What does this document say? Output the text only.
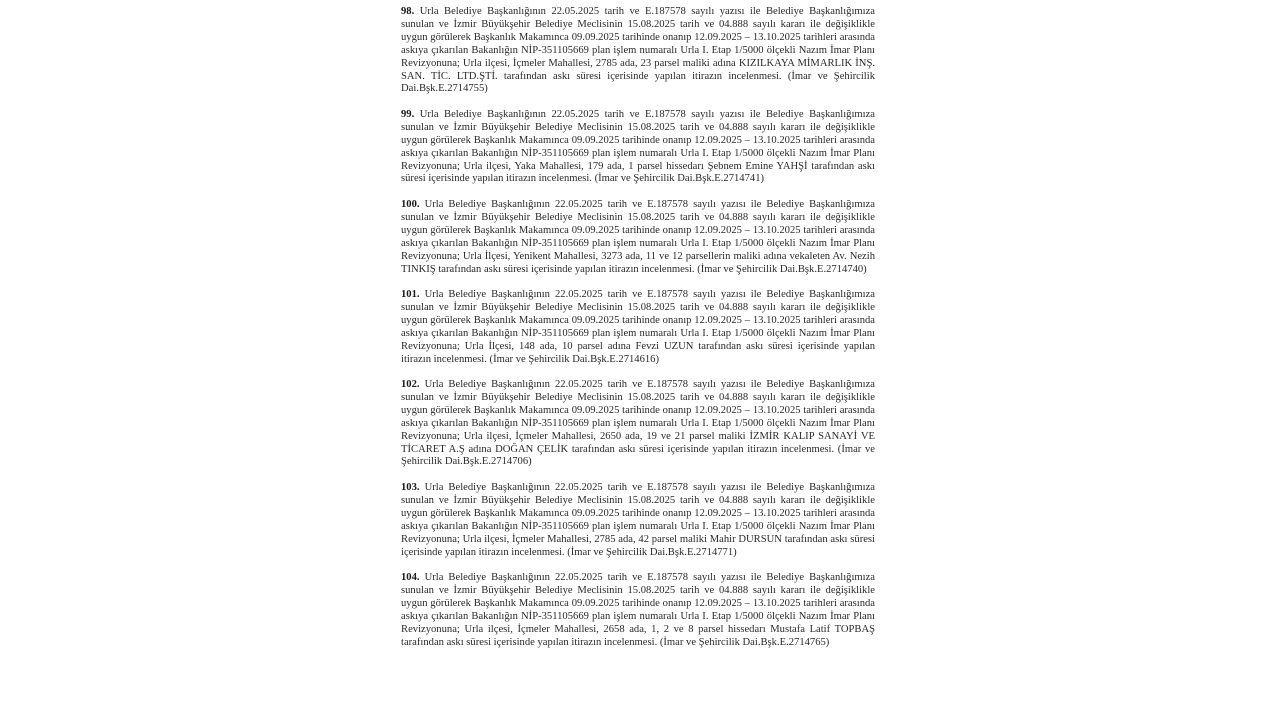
98. Urla Belediye Başkanlığının 22.05.2025 tarih ve E.187578 sayılı yazısı ile Belediye Başkanlığımıza sunulan ve İzmir Büyükşehir Belediye Meclisinin 15.08.2025 tarih ve 04.888 sayılı kararı ile değişiklikle uygun görülerek Başkanlık Makamınca 09.09.2025 tarihinde onanıp 12.09.2025 – 13.10.2025 tarihleri arasında askıya çıkarılan Bakanlığın NİP-351105669 plan işlem numaralı Urla I. Etap 1/5000 ölçekli Nazım İmar Planı Revizyonuna; Urla ilçesi, İçmeler Mahallesi, 2785 ada, 23 parsel maliki adına KIZILKAYA MİMARLIK İNŞ. SAN. TİC. LTD.ŞTİ. tarafından askı süresi içerisinde yapılan itirazın incelenmesi. (İmar ve Şehircilik Dai.Bşk.E.2714755)

99. Urla Belediye Başkanlığının 22.05.2025 tarih ve E.187578 sayılı yazısı ile Belediye Başkanlığımıza sunulan ve İzmir Büyükşehir Belediye Meclisinin 15.08.2025 tarih ve 04.888 sayılı kararı ile değişiklikle uygun görülerek Başkanlık Makamınca 09.09.2025 tarihinde onanıp 12.09.2025 – 13.10.2025 tarihleri arasında askıya çıkarılan Bakanlığın NİP-351105669 plan işlem numaralı Urla I. Etap 1/5000 ölçekli Nazım İmar Planı Revizyonuna; Urla ilçesi, Yaka Mahallesi, 179 ada, 1 parsel hissedarı Şebnem Emine YAHŞİ tarafından askı süresi içerisinde yapılan itirazın incelenmesi. (İmar ve Şehircilik Dai.Bşk.E.2714741)

100. Urla Belediye Başkanlığının 22.05.2025 tarih ve E.187578 sayılı yazısı ile Belediye Başkanlığımıza sunulan ve İzmir Büyükşehir Belediye Meclisinin 15.08.2025 tarih ve 04.888 sayılı kararı ile değişiklikle uygun görülerek Başkanlık Makamınca 09.09.2025 tarihinde onanıp 12.09.2025 – 13.10.2025 tarihleri arasında askıya çıkarılan Bakanlığın NİP-351105669 plan işlem numaralı Urla I. Etap 1/5000 ölçekli Nazım İmar Planı Revizyonuna; Urla İlçesi, Yenikent Mahallesi, 3273 ada, 11 ve 12 parsellerin maliki adına vekaleten Av. Nezih TINKIŞ tarafından askı süresi içerisinde yapılan itirazın incelenmesi. (İmar ve Şehircilik Dai.Bşk.E.2714740)

101. Urla Belediye Başkanlığının 22.05.2025 tarih ve E.187578 sayılı yazısı ile Belediye Başkanlığımıza sunulan ve İzmir Büyükşehir Belediye Meclisinin 15.08.2025 tarih ve 04.888 sayılı kararı ile değişiklikle uygun görülerek Başkanlık Makamınca 09.09.2025 tarihinde onanıp 12.09.2025 – 13.10.2025 tarihleri arasında askıya çıkarılan Bakanlığın NİP-351105669 plan işlem numaralı Urla I. Etap 1/5000 ölçekli Nazım İmar Planı Revizyonuna; Urla İlçesi, 148 ada, 10 parsel adına Fevzi UZUN tarafından askı süresi içerisinde yapılan itirazın incelenmesi. (İmar ve Şehircilik Dai.Bşk.E.2714616)

102. Urla Belediye Başkanlığının 22.05.2025 tarih ve E.187578 sayılı yazısı ile Belediye Başkanlığımıza sunulan ve İzmir Büyükşehir Belediye Meclisinin 15.08.2025 tarih ve 04.888 sayılı kararı ile değişiklikle uygun görülerek Başkanlık Makamınca 09.09.2025 tarihinde onanıp 12.09.2025 – 13.10.2025 tarihleri arasında askıya çıkarılan Bakanlığın NİP-351105669 plan işlem numaralı Urla I. Etap 1/5000 ölçekli Nazım İmar Planı Revizyonuna; Urla ilçesi, İçmeler Mahallesi, 2650 ada, 19 ve 21 parsel maliki İZMİR KALIP SANAYİ VE TİCARET A.Ş adına DOĞAN ÇELİK tarafından askı süresi içerisinde yapılan itirazın incelenmesi. (İmar ve Şehircilik Dai.Bşk.E.2714706)

103. Urla Belediye Başkanlığının 22.05.2025 tarih ve E.187578 sayılı yazısı ile Belediye Başkanlığımıza sunulan ve İzmir Büyükşehir Belediye Meclisinin 15.08.2025 tarih ve 04.888 sayılı kararı ile değişiklikle uygun görülerek Başkanlık Makamınca 09.09.2025 tarihinde onanıp 12.09.2025 – 13.10.2025 tarihleri arasında askıya çıkarılan Bakanlığın NİP-351105669 plan işlem numaralı Urla I. Etap 1/5000 ölçekli Nazım İmar Planı Revizyonuna; Urla ilçesi, İçmeler Mahallesi, 2785 ada, 42 parsel maliki Mahir DURSUN tarafından askı süresi içerisinde yapılan itirazın incelenmesi. (İmar ve Şehircilik Dai.Bşk.E.2714771)

104. Urla Belediye Başkanlığının 22.05.2025 tarih ve E.187578 sayılı yazısı ile Belediye Başkanlığımıza sunulan ve İzmir Büyükşehir Belediye Meclisinin 15.08.2025 tarih ve 04.888 sayılı kararı ile değişiklikle uygun görülerek Başkanlık Makamınca 09.09.2025 tarihinde onanıp 12.09.2025 – 13.10.2025 tarihleri arasında askıya çıkarılan Bakanlığın NİP-351105669 plan işlem numaralı Urla I. Etap 1/5000 ölçekli Nazım İmar Planı Revizyonuna; Urla ilçesi, İçmeler Mahallesi, 2658 ada, 1, 2 ve 8 parsel hissedarı Mustafa Latif TOPBAŞ tarafından askı süresi içerisinde yapılan itirazın incelenmesi. (İmar ve Şehircilik Dai.Bşk.E.2714765)
